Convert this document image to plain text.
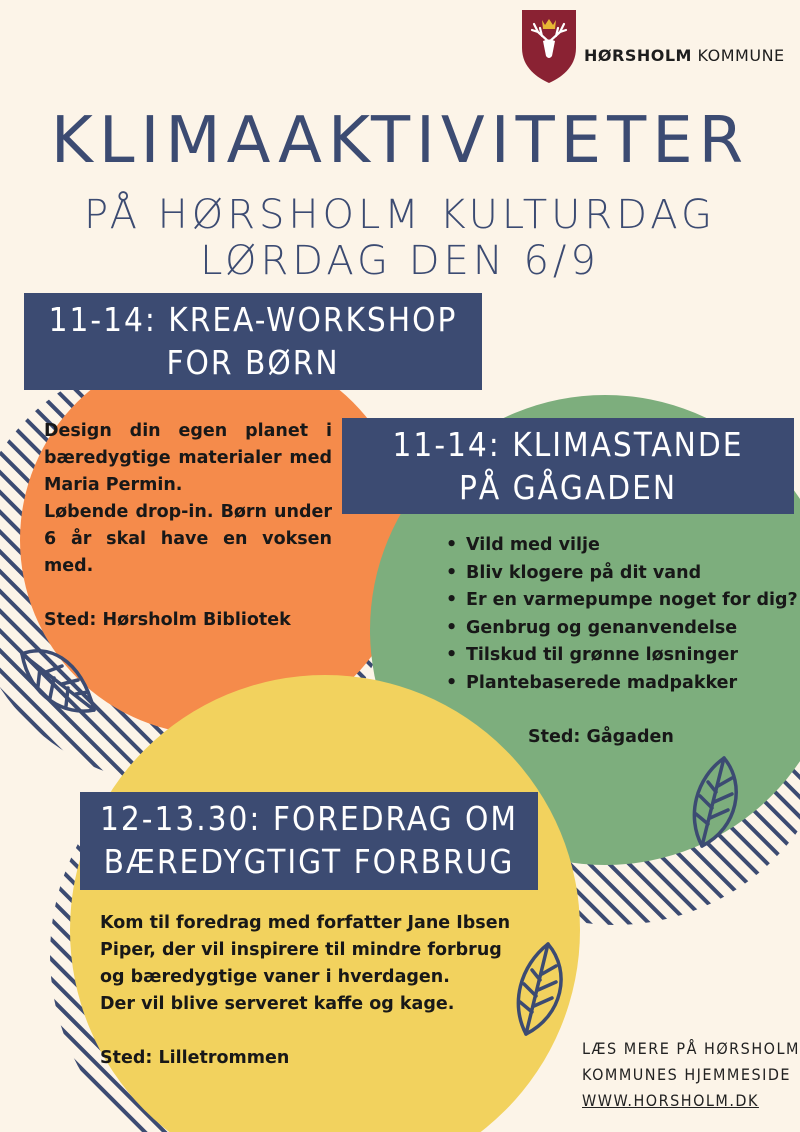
HØRSHOLM KOMMUNE
KLIMAAKTIVITETER
PÅ HØRSHOLM KULTURDAG
LØRDAG DEN 6/9
11-14: KREA-WORKSHOP
FOR BØRN

Design din egen planet i bæredygtige materialer med Maria Permin.

Løbende drop-in. Børn under 6 år skal have en voksen med.

Sted: Hørsholm Bibliotek
11-14: KLIMASTANDE
PÅ GÅGADEN
• Vild med vilje
• Bliv klogere på dit vand
• Er en varmepumpe noget for dig?
• Genbrug og genanvendelse
• Tilskud til grønne løsninger
• Plantebaserede madpakker
Sted: Gågaden
12-13.30: FOREDRAG OM
BÆREDYGTIGT FORBRUG

Kom til foredrag med forfatter Jane Ibsen Piper, der vil inspirere til mindre forbrug og bæredygtige vaner i hverdagen.

Der vil blive serveret kaffe og kage.

Sted: Lilletrommen	LÆS MERE PÅ HØRSHOLM
KOMMUNES HJEMMESIDE
WWW.HORSHOLM.DK
